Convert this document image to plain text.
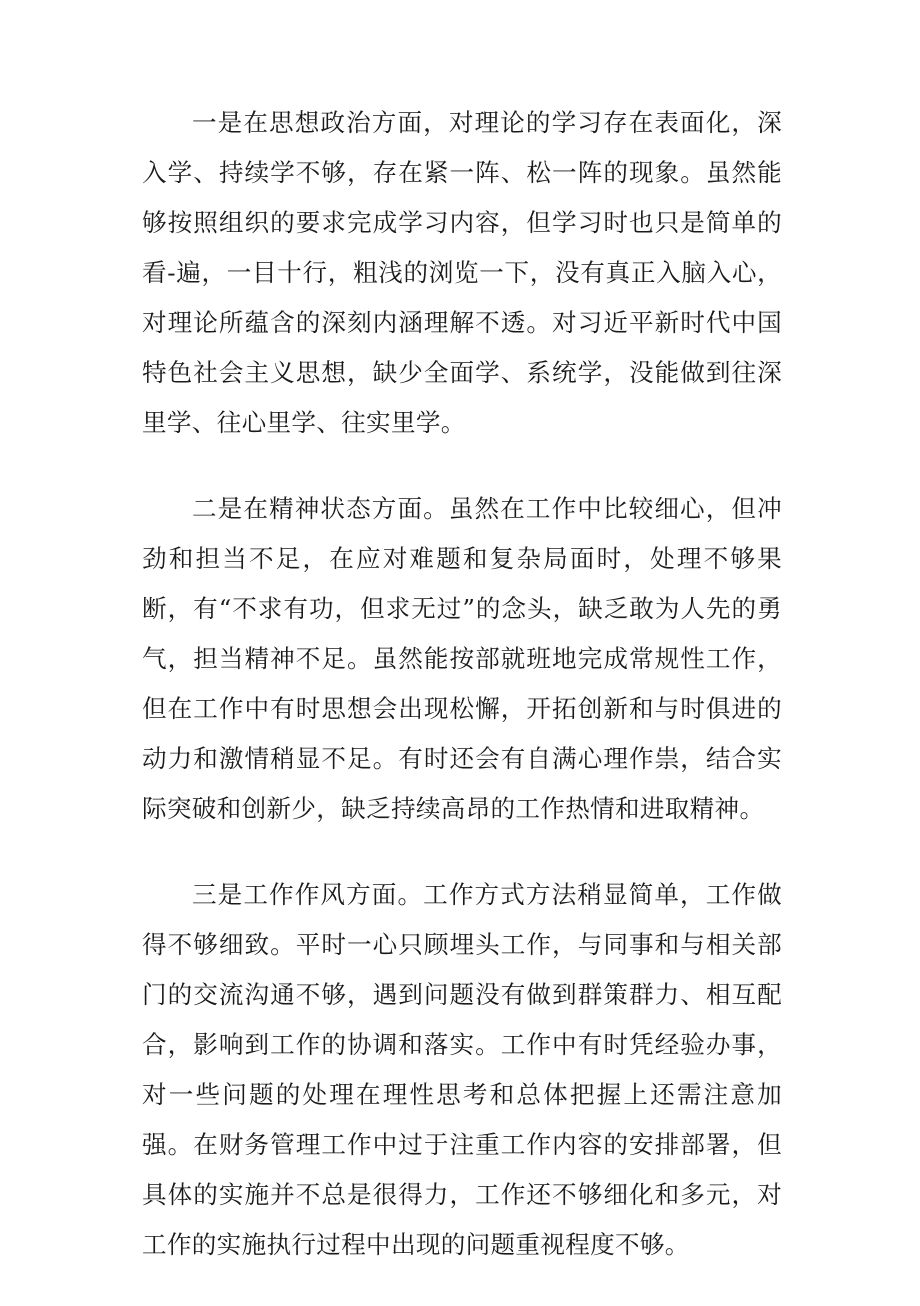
一是在思想政治方面，对理论的学习存在表面化，深入学、持续学不够，存在紧一阵、松一阵的现象。虽然能够按照组织的要求完成学习内容，但学习时也只是简单的看-遍，一目十行，粗浅的浏览一下，没有真正入脑入心，对理论所蕴含的深刻内涵理解不透。对习近平新时代中国特色社会主义思想，缺少全面学、系统学，没能做到往深里学、往心里学、往实里学。

二是在精神状态方面。虽然在工作中比较细心，但冲劲和担当不足，在应对难题和复杂局面时，处理不够果断，有“不求有功，但求无过”的念头，缺乏敢为人先的勇气，担当精神不足。虽然能按部就班地完成常规性工作，但在工作中有时思想会出现松懈，开拓创新和与时俱进的动力和激情稍显不足。有时还会有自满心理作祟，结合实际突破和创新少，缺乏持续高昂的工作热情和进取精神。

三是工作作风方面。工作方式方法稍显简单，工作做得不够细致。平时一心只顾埋头工作，与同事和与相关部门的交流沟通不够，遇到问题没有做到群策群力、相互配合，影响到工作的协调和落实。工作中有时凭经验办事，对一些问题的处理在理性思考和总体把握上还需注意加强。在财务管理工作中过于注重工作内容的安排部署，但具体的实施并不总是很得力，工作还不够细化和多元，对工作的实施执行过程中出现的问题重视程度不够。
